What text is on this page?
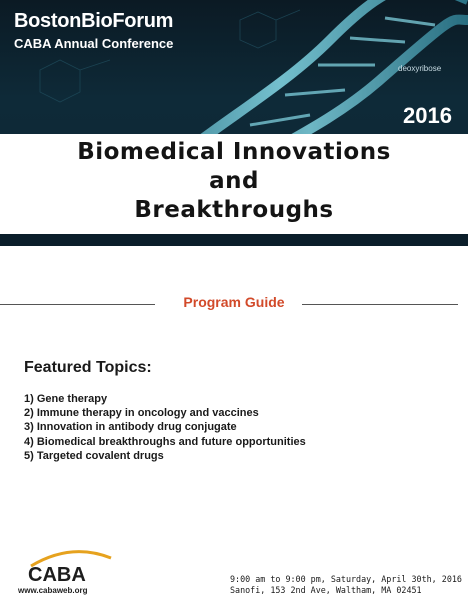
BostonBioForum
CABA Annual Conference
deoxyribose
2016
Biomedical Innovations
and
Breakthroughs
Program Guide
Featured Topics:
1) Gene therapy
2) Immune therapy in oncology and vaccines
3) Innovation in antibody drug conjugate
4) Biomedical breakthroughs and future opportunities
5) Targeted covalent drugs
CABA
www.cabaweb.org
9:00 am to 9:00 pm, Saturday, April 30th, 2016
Sanofi, 153 2nd Ave, Waltham, MA 02451
